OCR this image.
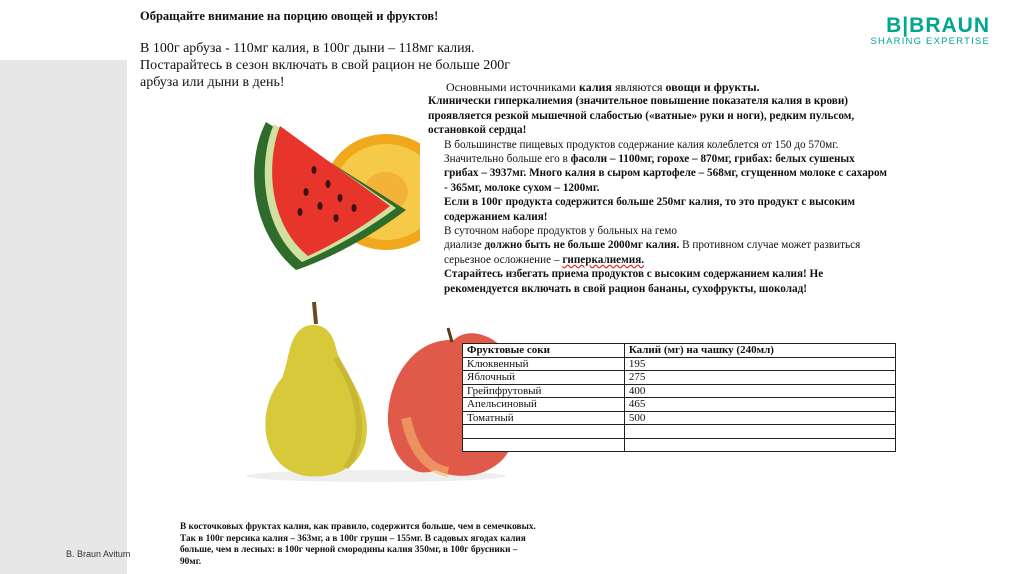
B|BRAUN
SHARING EXPERTISE
Обращайте внимание на порцию овощей и фруктов!
В 100г арбуза - 110мг калия, в 100г дыни – 118мг калия.
Постарайтесь в сезон включать в свой рацион не больше 200г
арбуза или дыни в день!	Основными источниками калия являются овощи и фрукты.

Клинически гиперкалиемия (значительное повышение показателя калия в крови) проявляется резкой мышечной слабостью («ватные» руки и ноги), редким пульсом, остановкой сердца!

В большинстве пищевых продуктов содержание калия колеблется от 150 до 570мг. Значительно больше его в фасоли – 1100мг, горохе – 870мг, грибах: белых сушеных грибах – 3937мг. Много калия в сыром картофеле – 568мг, сгущенном молоке с сахаром - 365мг, молоке сухом – 1200мг.

Если в 100г продукта содержится больше 250мг калия, то это продукт с высоким содержанием калия!

В суточном наборе продуктов у больных на гемо
диализе должно быть не больше 2000мг калия. В противном случае может развиться серьезное осложнение – гиперкалиемия.

Старайтесь избегать приема продуктов с высоким содержанием калия! Не рекомендуется включать в свой рацион бананы, сухофрукты, шоколад!

Фруктовые соки	Калий (мг) на чашку (240мл)
Клюквенный	195
Яблочный	275
Грейпфрутовый	400
Апельсиновый	465
Томатный	500

В косточковых фруктах калия, как правило, содержится больше, чем в семечковых. Так в 100г персика калия – 363мг, а в 100г груши – 155мг. В садовых ягодах калия больше, чем в лесных: в 100г черной смородины калия 350мг, в 100г брусники – 90мг.
B. Braun Avitum
